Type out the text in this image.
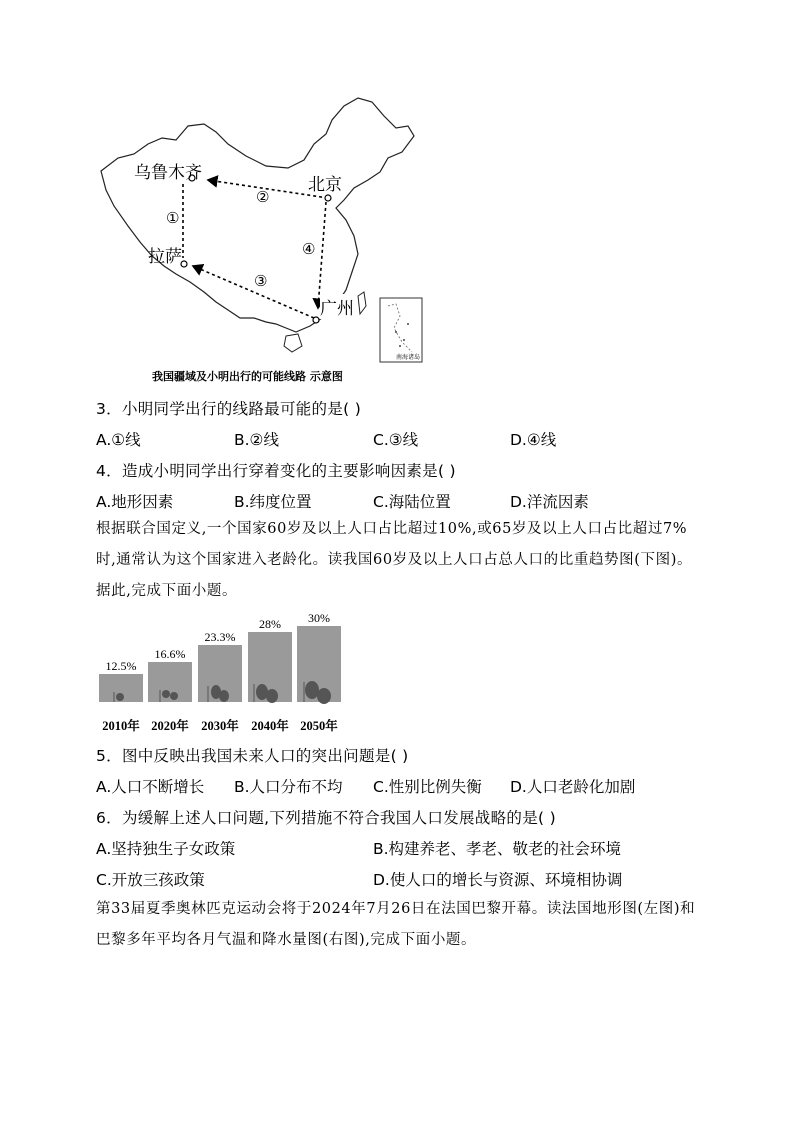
乌鲁木齐
北京
拉萨
广州
①
②
③
④
南海诸岛
我国疆域及小明出行的可能线路 示意图
3．小明同学出行的线路最可能的是( )
A.①线	B.②线	C.③线	D.④线
4．造成小明同学出行穿着变化的主要影响因素是( )
A.地形因素	B.纬度位置	C.海陆位置	D.洋流因素
根据联合国定义,一个国家60岁及以上人口占比超过10%,或65岁及以上人口占比超过7%时,通常认为这个国家进入老龄化。读我国60岁及以上人口占总人口的比重趋势图(下图)。据此,完成下面小题。
12.5%
16.6%
23.3%
28%	30%
2010年 2020年 2030年 2040年 2050年
5．图中反映出我国未来人口的突出问题是( )
A.人口不断增长 B.人口分布不均 C.性别比例失衡 D.人口老龄化加剧
6．为缓解上述人口问题,下列措施不符合我国人口发展战略的是( )
A.坚持独生子女政策	B.构建养老、孝老、敬老的社会环境
C.开放三孩政策	D.使人口的增长与资源、环境相协调
第33届夏季奥林匹克运动会将于2024年7月26日在法国巴黎开幕。读法国地形图(左图)和巴黎多年平均各月气温和降水量图(右图),完成下面小题。
